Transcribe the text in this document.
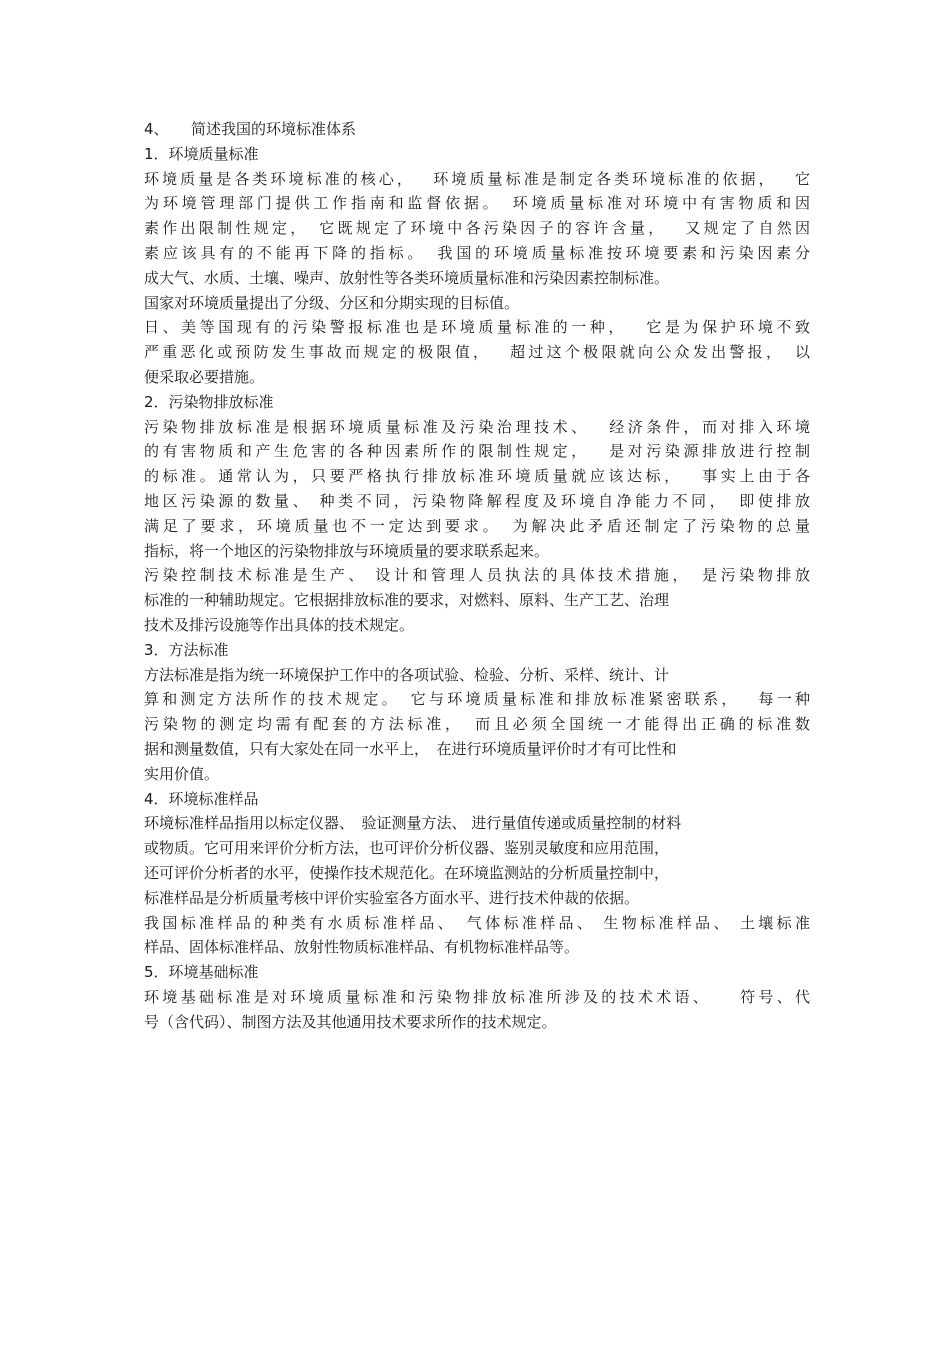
4、　　简述我国的环境标准体系
1．环境质量标准
环境质量是各类环境标准的核心，　 环境质量标准是制定各类环境标准的依据，　 它
为环境管理部门提供工作指南和监督依据。　环境质量标准对环境中有害物质和因
素作出限制性规定，　它既规定了环境中各污染因子的容许含量，　 又规定了自然因
素应该具有的不能再下降的指标。　我国的环境质量标准按环境要素和污染因素分
成大气、水质、土壤、噪声、放射性等各类环境质量标准和污染因素控制标准。
国家对环境质量提出了分级、分区和分期实现的目标值。
日、美等国现有的污染警报标准也是环境质量标准的一种，　 它是为保护环境不致
严重恶化或预防发生事故而规定的极限值，　 超过这个极限就向公众发出警报，　以
便采取必要措施。
2．污染物排放标准
污染物排放标准是根据环境质量标准及污染治理技术、　 经济条件，而对排入环境
的有害物质和产生危害的各种因素所作的限制性规定，　 是对污染源排放进行控制
的标准。通常认为，只要严格执行排放标准环境质量就应该达标，　 事实上由于各
地区污染源的数量、 种类不同，污染物降解程度及环境自净能力不同，　即使排放
满足了要求，环境质量也不一定达到要求。　为解决此矛盾还制定了污染物的总量
指标，将一个地区的污染物排放与环境质量的要求联系起来。
污染控制技术标准是生产、 设计和管理人员执法的具体技术措施，　是污染物排放
标准的一种辅助规定。它根据排放标准的要求，对燃料、原料、生产工艺、治理
技术及排污设施等作出具体的技术规定。
3．方法标准
方法标准是指为统一环境保护工作中的各项试验、检验、分析、采样、统计、计
算和测定方法所作的技术规定。　它与环境质量标准和排放标准紧密联系，　 每一种
污染物的测定均需有配套的方法标准，　而且必须全国统一才能得出正确的标准数
据和测量数值，只有大家处在同一水平上，　在进行环境质量评价时才有可比性和
实用价值。
4．环境标准样品
环境标准样品指用以标定仪器、　验证测量方法、 进行量值传递或质量控制的材料
或物质。它可用来评价分析方法，也可评价分析仪器、鉴别灵敏度和应用范围，
还可评价分析者的水平，使操作技术规范化。在环境监测站的分析质量控制中，
标准样品是分析质量考核中评价实验室各方面水平、进行技术仲裁的依据。
我国标准样品的种类有水质标准样品、　气体标准样品、 生物标准样品、 土壤标准
样品、固体标准样品、放射性物质标准样品、有机物标准样品等。
5．环境基础标准
环境基础标准是对环境质量标准和污染物排放标准所涉及的技术术语、　　符号、代
号（含代码）、制图方法及其他通用技术要求所作的技术规定。
